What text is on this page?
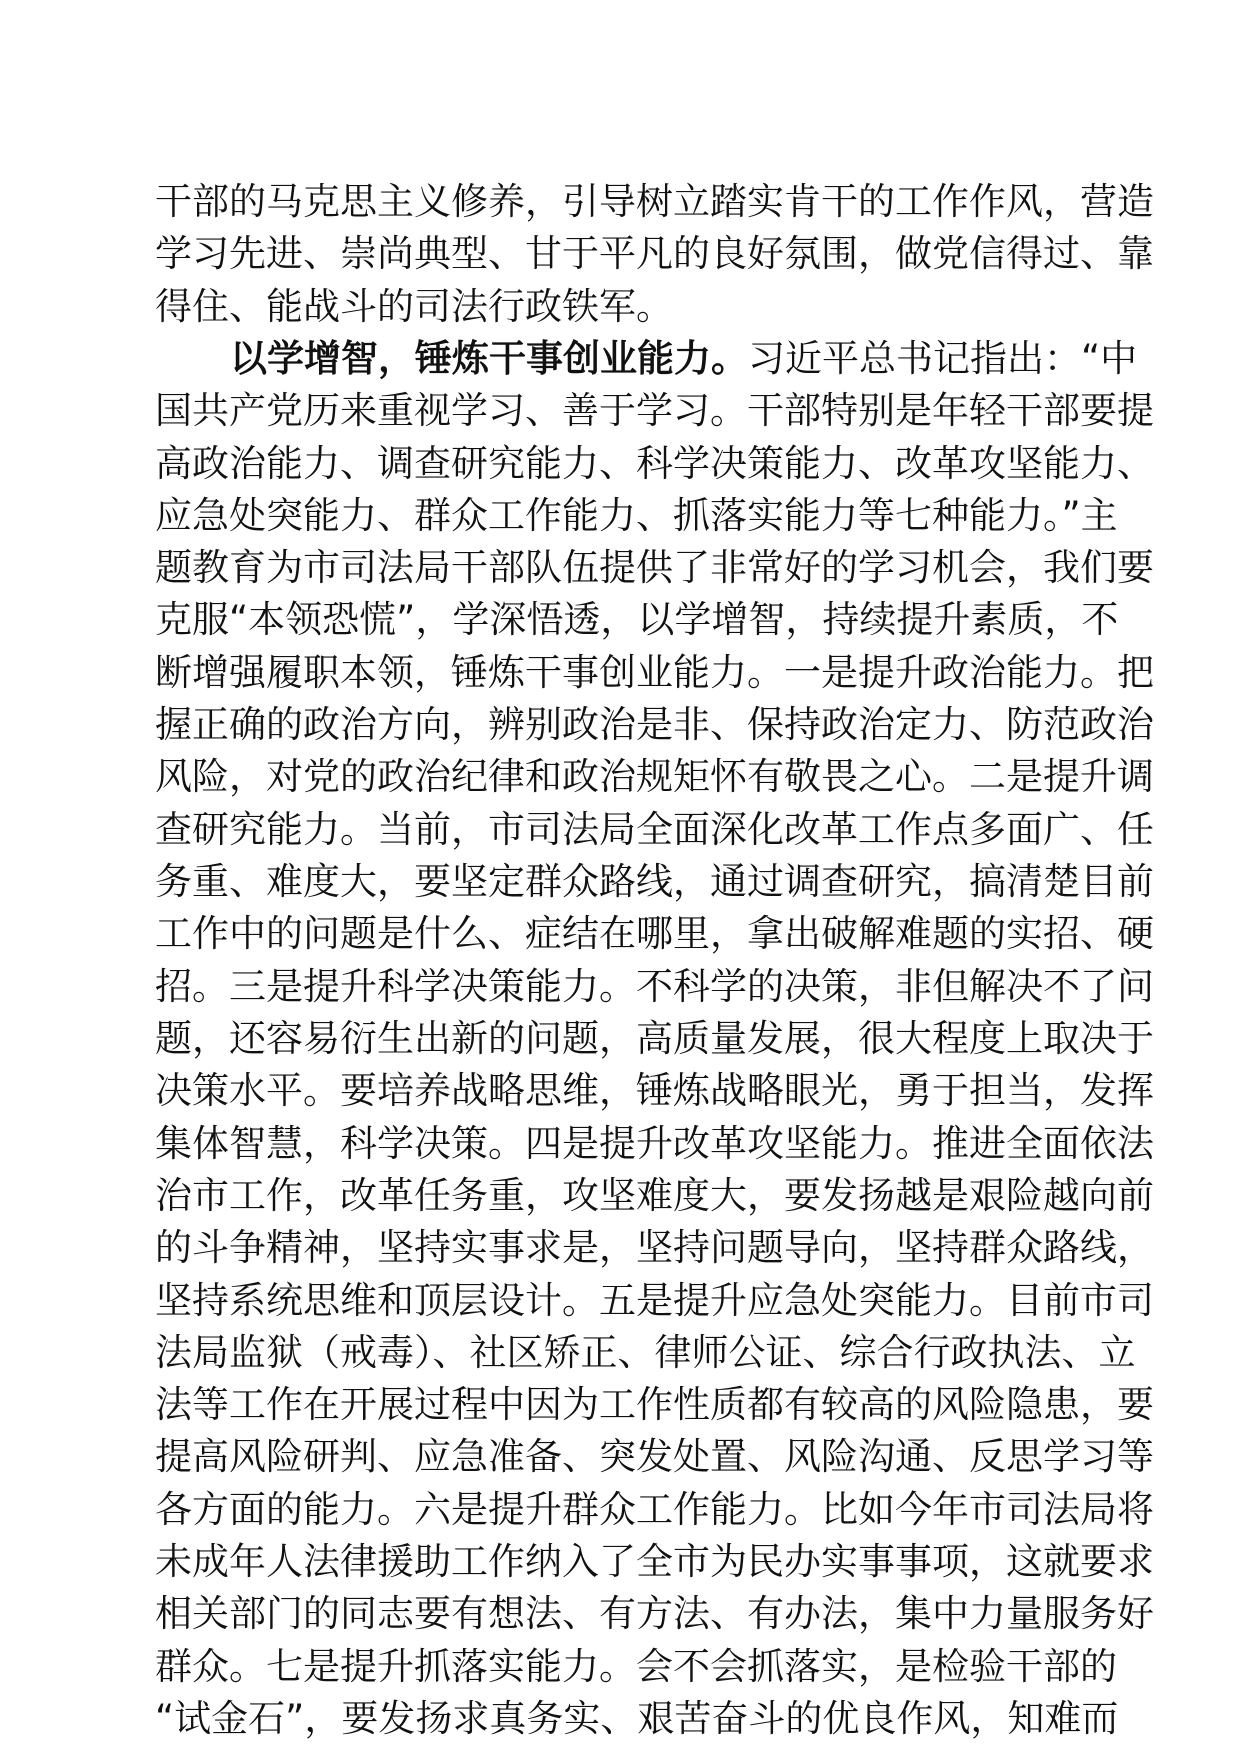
干部的马克思主义修养，引导树立踏实肯干的工作作风，营造
学习先进、崇尚典型、甘于平凡的良好氛围，做党信得过、靠
得住、能战斗的司法行政铁军。
以学增智，锤炼干事创业能力。习近平总书记指出：“中
国共产党历来重视学习、善于学习。干部特别是年轻干部要提
高政治能力、调查研究能力、科学决策能力、改革攻坚能力、
应急处突能力、群众工作能力、抓落实能力等七种能力。”主
题教育为市司法局干部队伍提供了非常好的学习机会，我们要
克服“本领恐慌”，学深悟透，以学增智，持续提升素质，不
断增强履职本领，锤炼干事创业能力。一是提升政治能力。把
握正确的政治方向，辨别政治是非、保持政治定力、防范政治
风险，对党的政治纪律和政治规矩怀有敬畏之心。二是提升调
查研究能力。当前，市司法局全面深化改革工作点多面广、任
务重、难度大，要坚定群众路线，通过调查研究，搞清楚目前
工作中的问题是什么、症结在哪里，拿出破解难题的实招、硬
招。三是提升科学决策能力。不科学的决策，非但解决不了问
题，还容易衍生出新的问题，高质量发展，很大程度上取决于
决策水平。要培养战略思维，锤炼战略眼光，勇于担当，发挥
集体智慧，科学决策。四是提升改革攻坚能力。推进全面依法
治市工作，改革任务重，攻坚难度大，要发扬越是艰险越向前
的斗争精神，坚持实事求是，坚持问题导向，坚持群众路线，
坚持系统思维和顶层设计。五是提升应急处突能力。目前市司
法局监狱（戒毒）、社区矫正、律师公证、综合行政执法、立
法等工作在开展过程中因为工作性质都有较高的风险隐患，要
提高风险研判、应急准备、突发处置、风险沟通、反思学习等
各方面的能力。六是提升群众工作能力。比如今年市司法局将
未成年人法律援助工作纳入了全市为民办实事事项，这就要求
相关部门的同志要有想法、有方法、有办法，集中力量服务好
群众。七是提升抓落实能力。会不会抓落实，是检验干部的
“试金石”，要发扬求真务实、艰苦奋斗的优良作风，知难而
